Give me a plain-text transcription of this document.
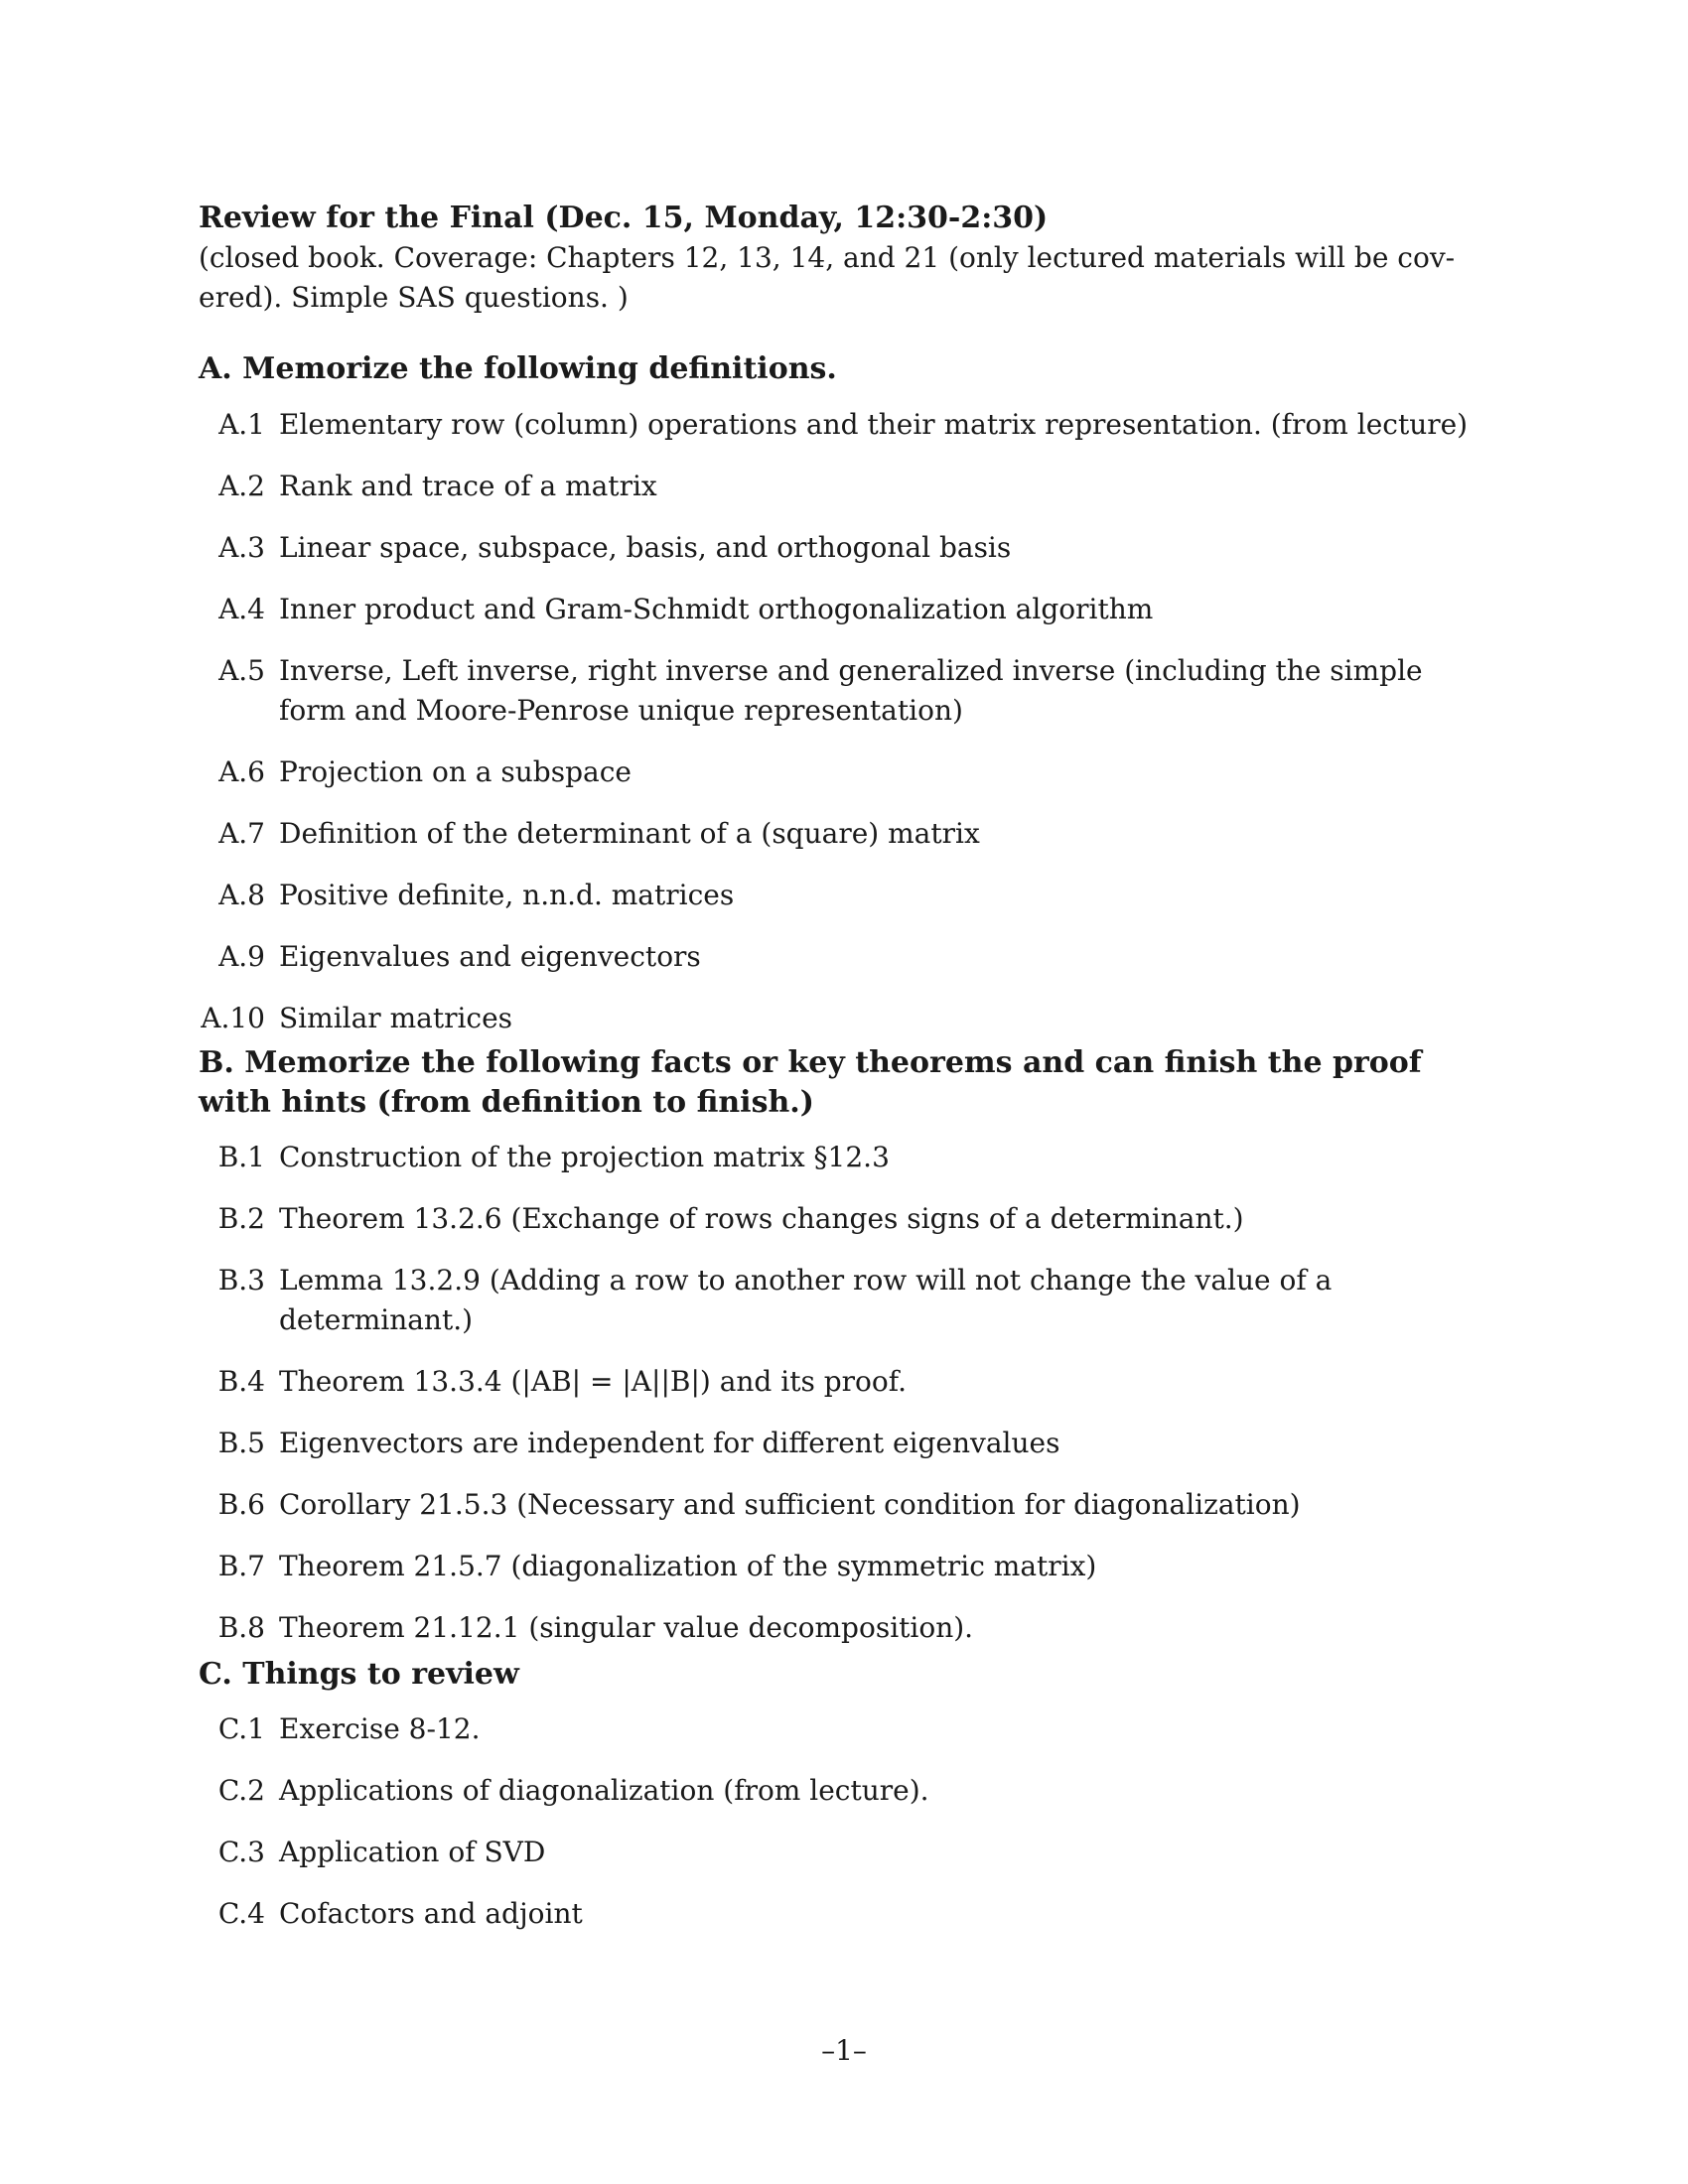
Review for the Final (Dec. 15, Monday, 12:30-2:30)

(closed book. Coverage: Chapters 12, 13, 14, and 21 (only lectured materials will be cov-

ered). Simple SAS questions. )

A. Memorize the following definitions.

A.1 Elementary row (column) operations and their matrix representation. (from lecture)
A.2 Rank and trace of a matrix
A.3 Linear space, subspace, basis, and orthogonal basis
A.4 Inner product and Gram-Schmidt orthogonalization algorithm
A.5 Inverse, Left inverse, right inverse and generalized inverse (including the simple form and Moore-Penrose unique representation)
A.6 Projection on a subspace
A.7 Definition of the determinant of a (square) matrix
A.8 Positive definite, n.n.d. matrices
A.9 Eigenvalues and eigenvectors
A.10 Similar matrices

B. Memorize the following facts or key theorems and can finish the proof with hints (from definition to finish.)

B.1 Construction of the projection matrix §12.3
B.2 Theorem 13.2.6 (Exchange of rows changes signs of a determinant.)
B.3 Lemma 13.2.9 (Adding a row to another row will not change the value of a determinant.)
B.4 Theorem 13.3.4 (|AB| = |A||B|) and its proof.
B.5 Eigenvectors are independent for different eigenvalues
B.6 Corollary 21.5.3 (Necessary and sufficient condition for diagonalization)
B.7 Theorem 21.5.7 (diagonalization of the symmetric matrix)
B.8 Theorem 21.12.1 (singular value decomposition).

C. Things to review

C.1 Exercise 8-12.
C.2 Applications of diagonalization (from lecture).
C.3 Application of SVD
C.4 Cofactors and adjoint
–1–
